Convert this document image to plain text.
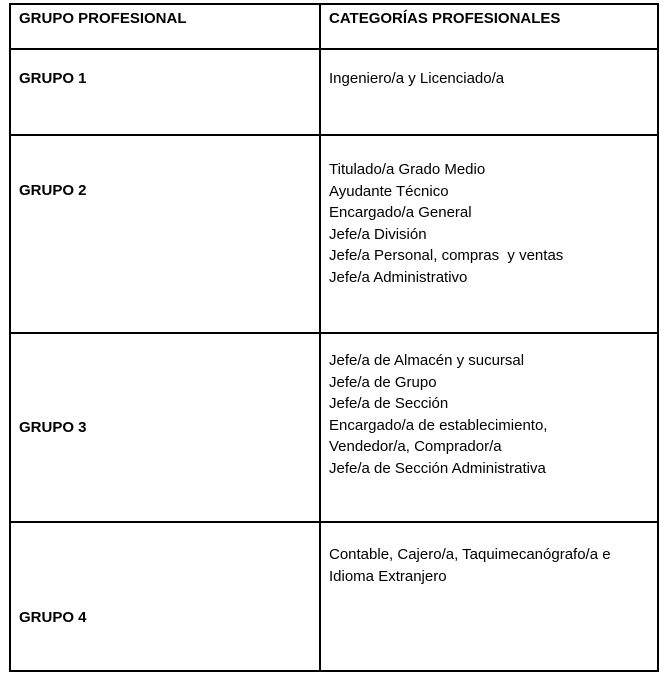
GRUPO PROFESIONAL	CATEGORÍAS PROFESIONALES
GRUPO 1	Ingeniero/a y Licenciado/a
GRUPO 2
Titulado/a Grado Medio
Ayudante Técnico
Encargado/a General
Jefe/a División
Jefe/a Personal, compras  y ventas
Jefe/a Administrativo
GRUPO 3
Jefe/a de Almacén y sucursal
Jefe/a de Grupo
Jefe/a de Sección
Encargado/a de establecimiento,
Vendedor/a, Comprador/a
Jefe/a de Sección Administrativa
GRUPO 4
Contable, Cajero/a, Taquimecanógrafo/a e
Idioma Extranjero
